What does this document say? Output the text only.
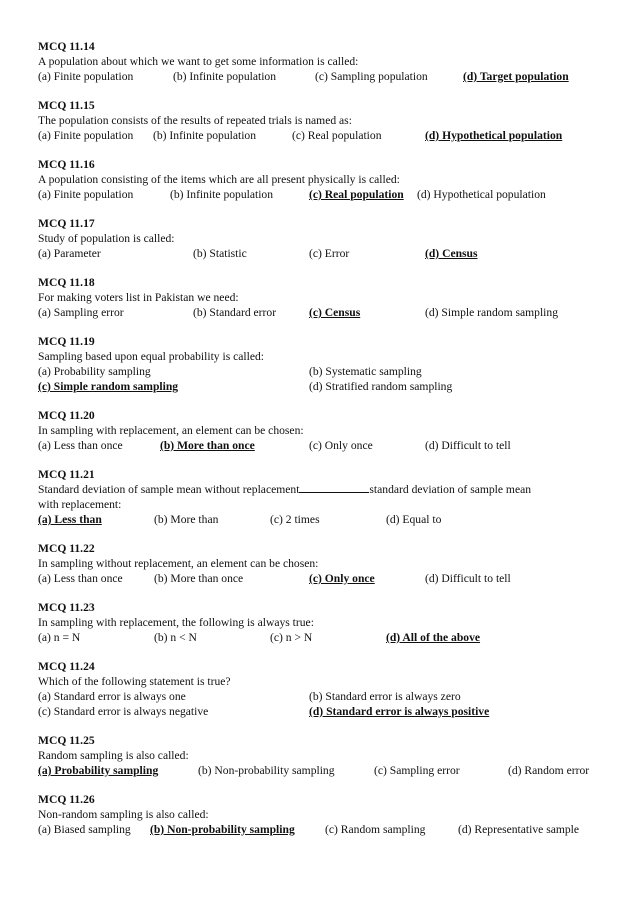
MCQ 11.14
A population about which we want to get some information is called:
(a) Finite population	(b) Infinite population	(c) Sampling population	(d) Target population
MCQ 11.15
The population consists of the results of repeated trials is named as:
(a) Finite population (b) Infinite population	(c) Real population	(d) Hypothetical population
MCQ 11.16
A population consisting of the items which are all present physically is called:
(a) Finite population	(b) Infinite population	(c) Real population (d) Hypothetical population
MCQ 11.17
Study of population is called:
(a) Parameter	(b) Statistic	(c) Error	(d) Census
MCQ 11.18
For making voters list in Pakistan we need:
(a) Sampling error	(b) Standard error	(c) Census	(d) Simple random sampling
MCQ 11.19
Sampling based upon equal probability is called:
(a) Probability sampling	(b) Systematic sampling
(c) Simple random sampling	(d) Stratified random sampling
MCQ 11.20
In sampling with replacement, an element can be chosen:
(a) Less than once	(b) More than once	(c) Only once	(d) Difficult to tell
MCQ 11.21
Standard deviation of sample mean without replacement	standard deviation of sample mean
with replacement:
(a) Less than	(b) More than	(c) 2 times	(d) Equal to
MCQ 11.22
In sampling without replacement, an element can be chosen:
(a) Less than once	(b) More than once	(c) Only once	(d) Difficult to tell
MCQ 11.23
In sampling with replacement, the following is always true:
(a) n = N	(b) n < N	(c) n > N	(d) All of the above
MCQ 11.24
Which of the following statement is true?
(a) Standard error is always one	(b) Standard error is always zero
(c) Standard error is always negative	(d) Standard error is always positive
MCQ 11.25
Random sampling is also called:
(a) Probability sampling	(b) Non-probability sampling	(c) Sampling error	(d) Random error
MCQ 11.26
Non-random sampling is also called:
(a) Biased sampling (b) Non-probability sampling	(c) Random sampling	(d) Representative sample
